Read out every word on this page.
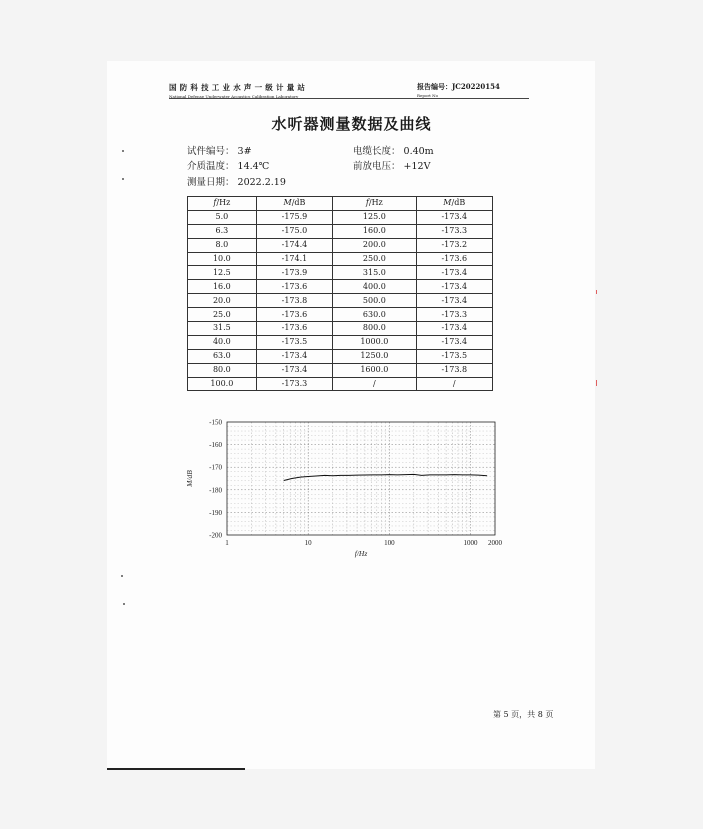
国防科技工业水声一级计量站
National Defense Underwater Acoustics Calibration Laboratory
报告编号：JC20220154
Report No
水听器测量数据及曲线
试件编号： 3#	电缆长度： 0.40m
介质温度： 14.4℃	前放电压： +12V
测量日期： 2022.2.19
f/Hz	M/dB	f/Hz	M/dB
5.0	-175.9	125.0	-173.4
6.3	-175.0	160.0	-173.3
8.0	-174.4	200.0	-173.2
10.0	-174.1	250.0	-173.6
12.5	-173.9	315.0	-173.4
16.0	-173.6	400.0	-173.4
20.0	-173.8	500.0	-173.4
25.0	-173.6	630.0	-173.3
31.5	-173.6	800.0	-173.4
40.0	-173.5	1000.0	-173.4
63.0	-173.4	1250.0	-173.5
80.0	-173.4	1600.0	-173.8
100.0	-173.3	/	/
-150
-160
-170
-180
-190
-200
1	10	100	1000 2000
f/Hz
M/dB
第 5 页，共 8 页
